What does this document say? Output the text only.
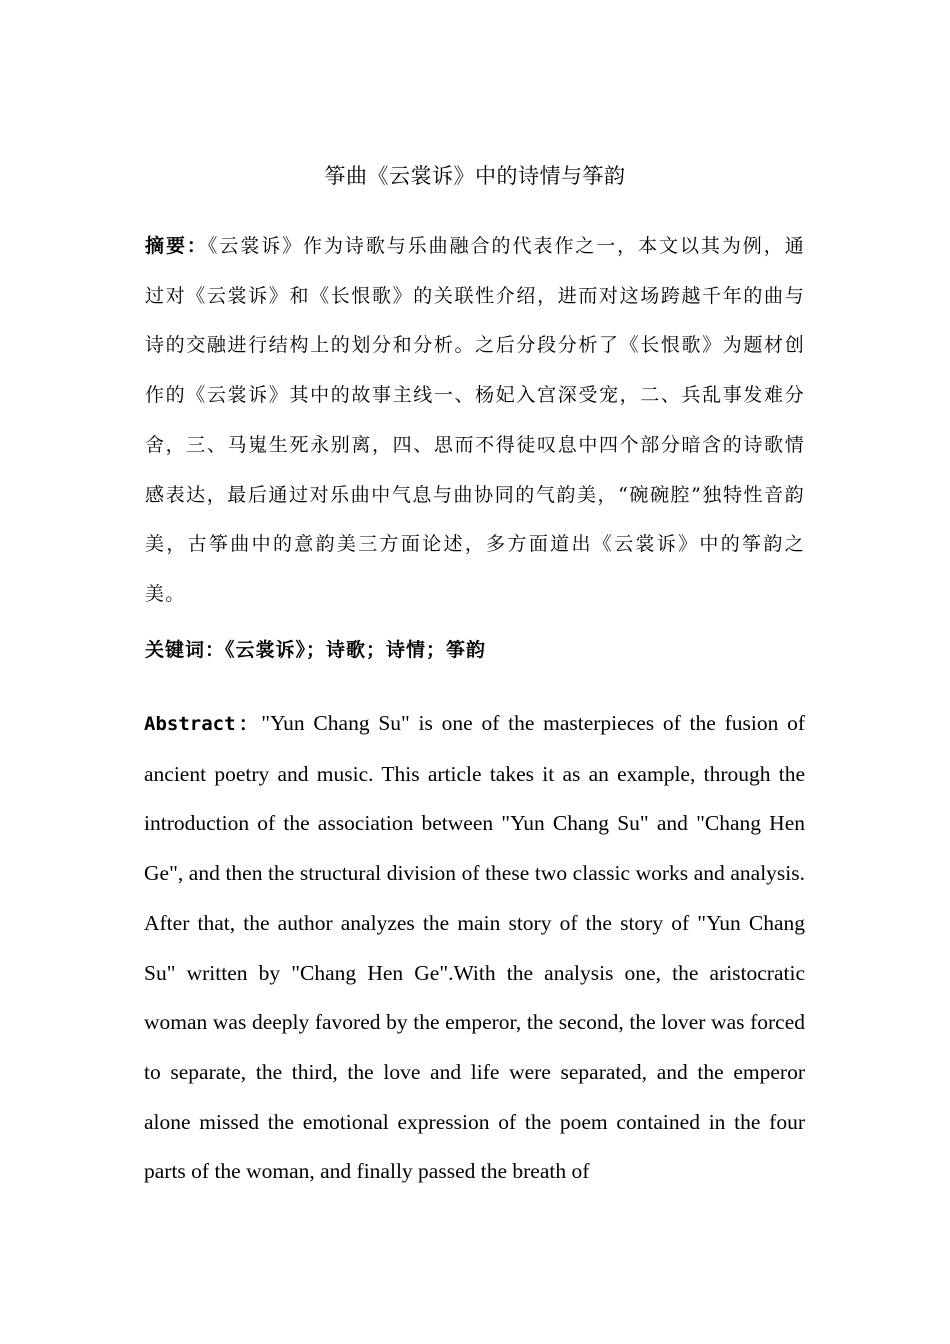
筝曲《云裳诉》中的诗情与筝韵
摘要：《云裳诉》作为诗歌与乐曲融合的代表作之一，本文以其为例，通过对《云裳诉》和《长恨歌》的关联性介绍，进而对这场跨越千年的曲与诗的交融进行结构上的划分和分析。之后分段分析了《长恨歌》为题材创作的《云裳诉》其中的故事主线一、杨妃入宫深受宠，二、兵乱事发难分舍，三、马嵬生死永别离，四、思而不得徒叹息中四个部分暗含的诗歌情感表达，最后通过对乐曲中气息与曲协同的气韵美，“碗碗腔”独特性音韵美，古筝曲中的意韵美三方面论述，多方面道出《云裳诉》中的筝韵之美。
关键词：《云裳诉》；诗歌；诗情；筝韵
Abstract："Yun Chang Su" is one of the masterpieces of the fusion of ancient poetry and music. This article takes it as an example, through the introduction of the association between "Yun Chang Su" and "Chang Hen Ge", and then the structural division of these two classic works and analysis. After that, the author analyzes the main story of the story of "Yun Chang Su" written by "Chang Hen Ge".With the analysis one, the aristocratic woman was deeply favored by the emperor, the second, the lover was forced to separate, the third, the love and life were separated, and the emperor alone missed the emotional expression of the poem contained in the four parts of the woman, and finally passed the breath of
